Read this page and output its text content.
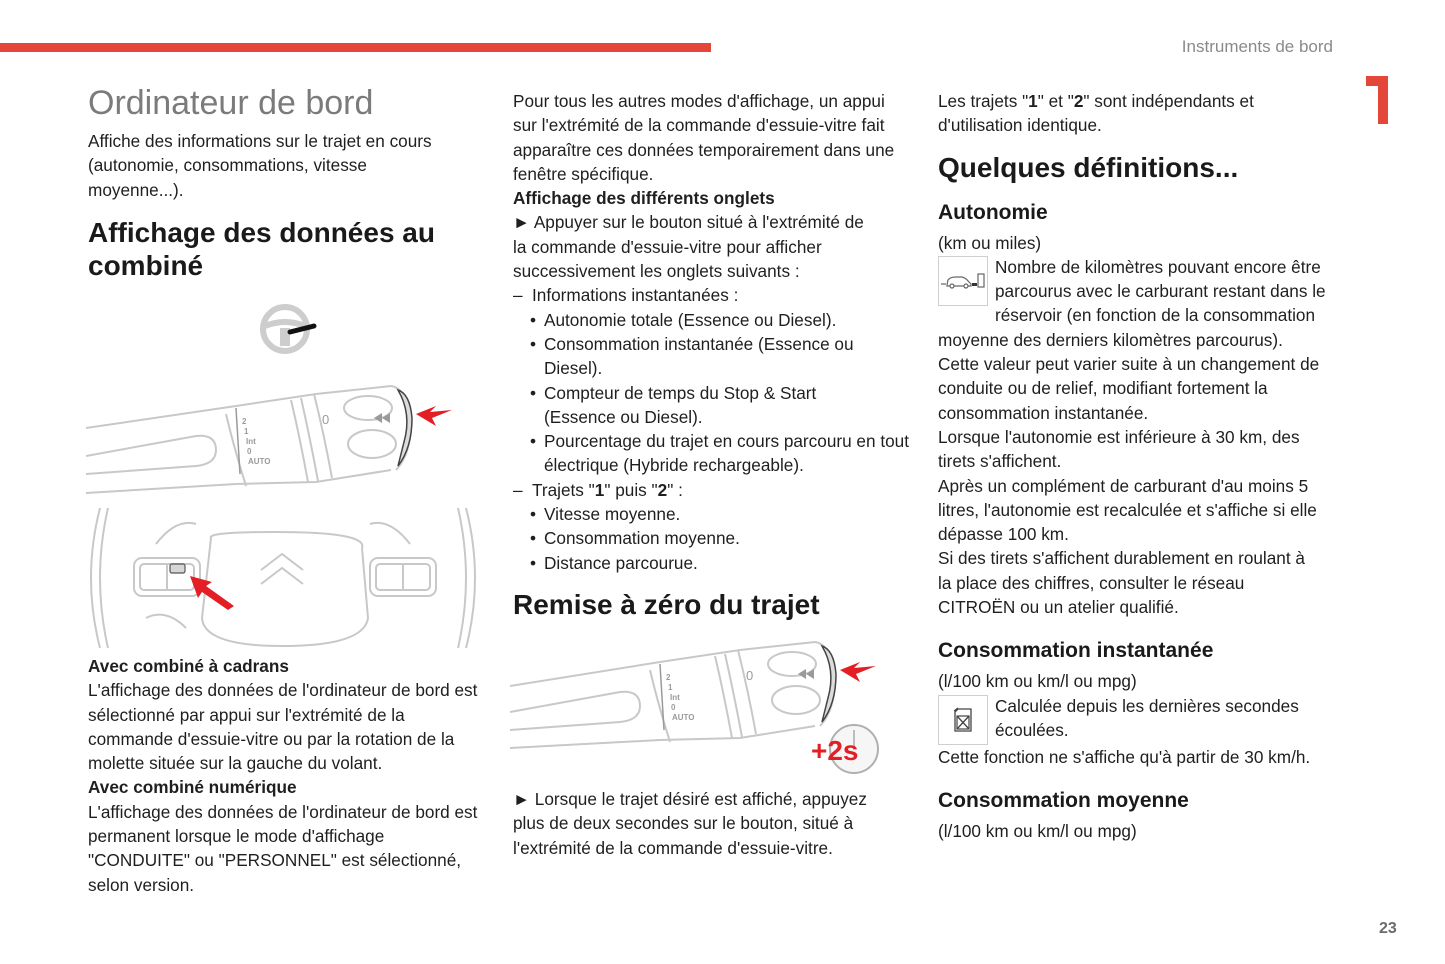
Instruments de bord
23
Ordinateur de bord

Affiche des informations sur le trajet en cours (autonomie, consommations, vitesse moyenne...).

Affichage des données au combiné
2
1
Int
0
AUTO
0

Avec combiné à cadrans

L'affichage des données de l'ordinateur de bord est sélectionné par appui sur l'extrémité de la commande d'essuie-vitre ou par la rotation de la molette située sur la gauche du volant.

Avec combiné numérique

L'affichage des données de l'ordinateur de bord est permanent lorsque le mode d'affichage "CONDUITE" ou "PERSONNEL" est sélectionné, selon version.

Pour tous les autres modes d'affichage, un appui sur l'extrémité de la commande d'essuie-vitre fait apparaître ces données temporairement dans une fenêtre spécifique.

Affichage des différents onglets

► Appuyer sur le bouton situé à l'extrémité de la commande d'essuie-vitre pour afficher successivement les onglets suivants :

– Informations instantanées :

• Autonomie totale (Essence ou Diesel).

• Consommation instantanée (Essence ou Diesel).

• Compteur de temps du Stop & Start (Essence ou Diesel).

• Pourcentage du trajet en cours parcouru en tout électrique (Hybride rechargeable).

– Trajets "1" puis "2" :

• Vitesse moyenne.

• Consommation moyenne.

• Distance parcourue.

Remise à zéro du trajet
2
1
Int
0
AUTO
0
+2s

► Lorsque le trajet désiré est affiché, appuyez plus de deux secondes sur le bouton, situé à l'extrémité de la commande d'essuie-vitre.

Les trajets "1" et "2" sont indépendants et d'utilisation identique.

Quelques définitions...
Autonomie

(km ou miles)

Nombre de kilomètres pouvant encore être parcourus avec le carburant restant dans le réservoir (en fonction de la consommation moyenne des derniers kilomètres parcourus).

Cette valeur peut varier suite à un changement de conduite ou de relief, modifiant fortement la consommation instantanée.

Lorsque l'autonomie est inférieure à 30 km, des tirets s'affichent.

Après un complément de carburant d'au moins 5 litres, l'autonomie est recalculée et s'affiche si elle dépasse 100 km.

Si des tirets s'affichent durablement en roulant à la place des chiffres, consulter le réseau CITROËN ou un atelier qualifié.

Consommation instantanée

(l/100 km ou km/l ou mpg)

Calculée depuis les dernières secondes écoulées.

Cette fonction ne s'affiche qu'à partir de 30 km/h.

Consommation moyenne

(l/100 km ou km/l ou mpg)
